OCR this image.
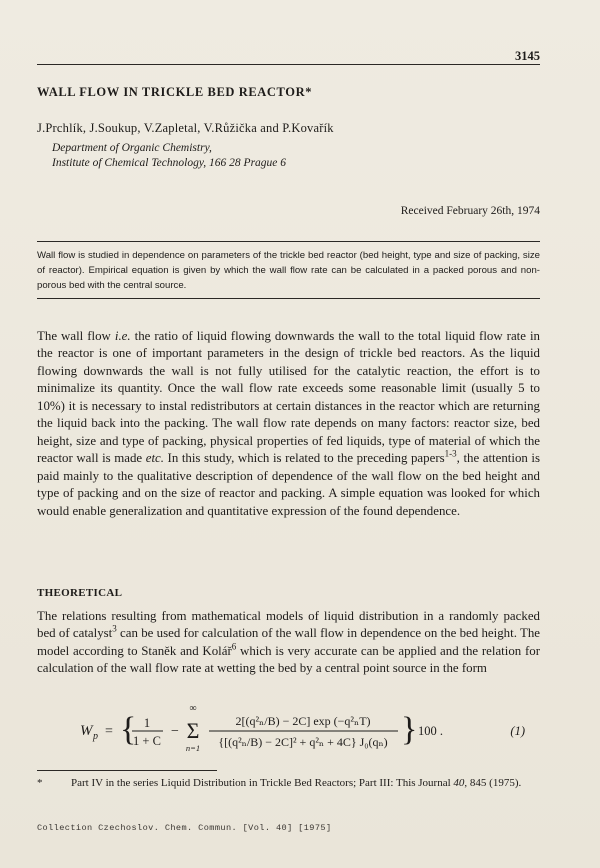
3145
WALL FLOW IN TRICKLE BED REACTOR*
J.Prchlík, J.Soukup, V.Zapletal, V.Růžička and P.Kovařík
Department of Organic Chemistry,
Institute of Chemical Technology, 166 28 Prague 6
Received February 26th, 1974
Wall flow is studied in dependence on parameters of the trickle bed reactor (bed height, type and size of packing, size of reactor). Empirical equation is given by which the wall flow rate can be calculated in a packed porous and non-porous bed with the central source.
The wall flow i.e. the ratio of liquid flowing downwards the wall to the total liquid flow rate in the reactor is one of important parameters in the design of trickle bed reactors. As the liquid flowing downwards the wall is not fully utilised for the catalytic reaction, the effort is to minimalize its quantity. Once the wall flow rate exceeds some reasonable limit (usually 5 to 10%) it is necessary to instal redistributors at certain distances in the reactor which are returning the liquid back into the packing. The wall flow rate depends on many factors: reactor size, bed height, size and type of packing, physical properties of fed liquids, type of material of which the reactor wall is made etc. In this study, which is related to the preceding papers$^{1-3}$, the attention is paid mainly to the qualitative description of dependence of the wall flow on the bed height and type of packing and on the size of reactor and packing. A simple equation was looked for which would enable generalization and quantitative expression of the found dependence.
THEORETICAL
The relations resulting from mathematical models of liquid distribution in a randomly packed bed of catalyst$^3$ can be used for calculation of the wall flow in dependence on the bed height. The model according to Staněk and Kolář$^6$ which is very accurate can be applied and the relation for calculation of the wall flow rate at wetting the bed by a central point source in the form
W p = { 1
1 + C
−
∞
Σ
n=1
2[(q²ₙ/B) − 2C] exp (−q²ₙT)
{[(q²ₙ/B) − 2C]² + q²ₙ + 4C} J₀(qₙ) } 100 .	(1)
*	Part IV in the series Liquid Distribution in Trickle Bed Reactors; Part III: This Journal 40, 845 (1975).
Collection Czechoslov. Chem. Commun. [Vol. 40] [1975]
